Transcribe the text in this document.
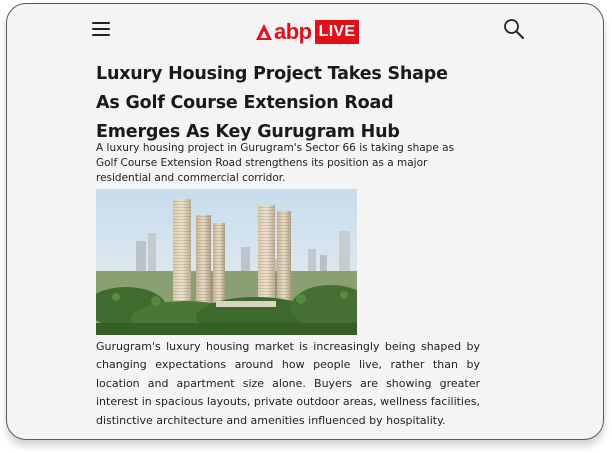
abp LIVE
Luxury Housing Project Takes Shape As Golf Course Extension Road Emerges As Key Gurugram Hub

A luxury housing project in Gurugram's Sector 66 is taking shape as Golf Course Extension Road strengthens its position as a major residential and commercial corridor.

Gurugram's luxury housing market is increasingly being shaped by changing expectations around how people live, rather than by location and apartment size alone. Buyers are showing greater interest in spacious layouts, private outdoor areas, wellness facilities, distinctive architecture and amenities influenced by hospitality.
